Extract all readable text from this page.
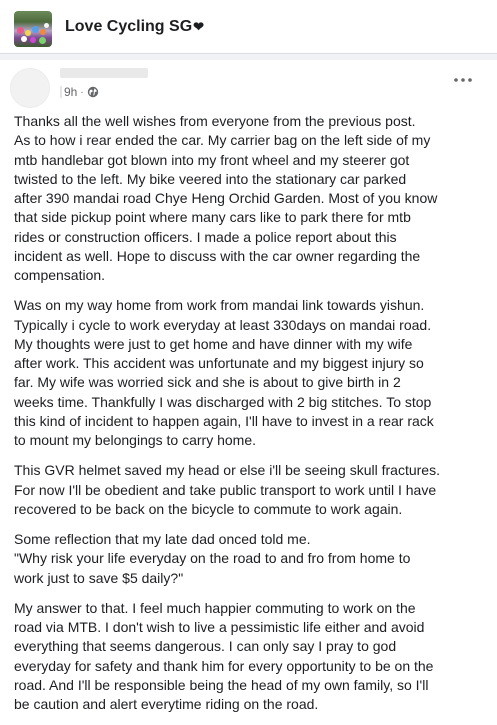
Love Cycling SG❤
9h ·

Thanks all the well wishes from everyone from the previous post.
As to how i rear ended the car. My carrier bag on the left side of my
mtb handlebar got blown into my front wheel and my steerer got
twisted to the left. My bike veered into the stationary car parked
after 390 mandai road Chye Heng Orchid Garden. Most of you know
that side pickup point where many cars like to park there for mtb
rides or construction officers. I made a police report about this
incident as well. Hope to discuss with the car owner regarding the
compensation.

Was on my way home from work from mandai link towards yishun.
Typically i cycle to work everyday at least 330days on mandai road.
My thoughts were just to get home and have dinner with my wife
after work. This accident was unfortunate and my biggest injury so
far. My wife was worried sick and she is about to give birth in 2
weeks time. Thankfully I was discharged with 2 big stitches. To stop
this kind of incident to happen again, I'll have to invest in a rear rack
to mount my belongings to carry home.

This GVR helmet saved my head or else i'll be seeing skull fractures.
For now I'll be obedient and take public transport to work until I have
recovered to be back on the bicycle to commute to work again.

Some reflection that my late dad onced told me.
"Why risk your life everyday on the road to and fro from home to
work just to save $5 daily?"

My answer to that. I feel much happier commuting to work on the
road via MTB. I don't wish to live a pessimistic life either and avoid
everything that seems dangerous. I can only say I pray to god
everyday for safety and thank him for every opportunity to be on the
road. And I'll be responsible being the head of my own family, so I'll
be caution and alert everytime riding on the road.
